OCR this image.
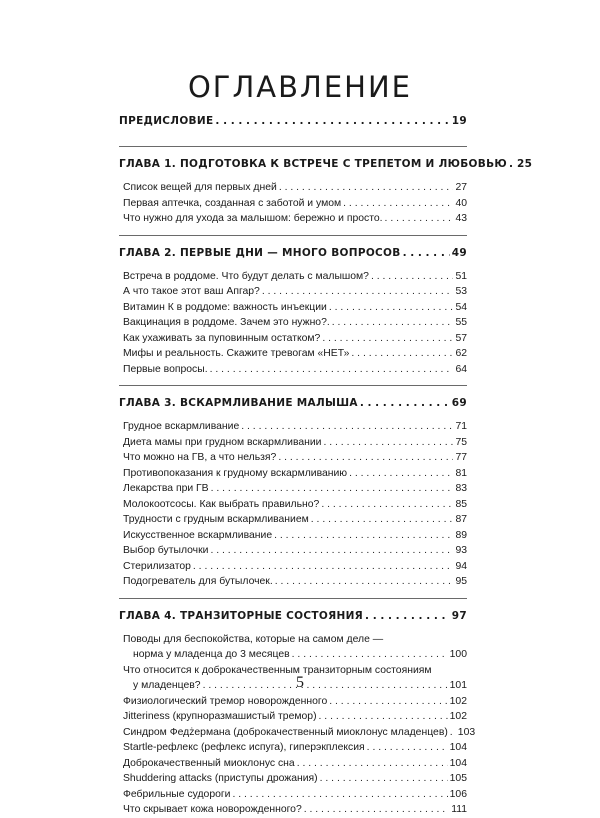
ОГЛАВЛЕНИЕ
ПРЕДИСЛОВИЕ . .	19
ГЛАВА 1. ПОДГОТОВКА К ВСТРЕЧЕ С ТРЕПЕТОМ И ЛЮБОВЬЮ . . 25
Список вещей для первых дней . . .	27
Первая аптечка, созданная с заботой и умом . . .	40
Что нужно для ухода за малышом: бережно и просто. . . .	43
ГЛАВА 2. ПЕРВЫЕ ДНИ — МНОГО ВОПРОСОВ . .	49
Встреча в роддоме. Что будут делать с малышом? . . .	51
А что такое этот ваш Апгар? . . .	53
Витамин К в роддоме: важность инъекции . . .	54
Вакцинация в роддоме. Зачем это нужно?. . . .	55
Как ухаживать за пуповинным остатком? . . .	57
Мифы и реальность. Скажите тревогам «НЕТ» . . .	62
Первые вопросы. . . .	64
ГЛАВА 3. ВСКАРМЛИВАНИЕ МАЛЫША . .	69
Грудное вскармливание . . .	71
Диета мамы при грудном вскармливании . . .	75
Что можно на ГВ, а что нельзя? . . .	77
Противопоказания к грудному вскармливанию . . .	81
Лекарства при ГВ . . .	83
Молокоотсосы. Как выбрать правильно? . . .	85
Трудности с грудным вскармливанием . . .	87
Искусственное вскармливание . . .	89
Выбор бутылочки . . .	93
Стерилизатор . . .	94
Подогреватель для бутылочек. . . .	95
ГЛАВА 4. ТРАНЗИТОРНЫЕ СОСТОЯНИЯ . .	97
Поводы для беспокойства, которые на самом деле —
норма у младенца до 3 месяцев . . .	100
Что относится к доброкачественным транзиторным состояниям
у младенцев? . . .	101
Физиологический тремор новорожденного . . .	102
Jitteriness (крупноразмашистый тремор) . . .	102
Синдром Федżермана (доброкачественный миоклонус младенцев) . . . 103
Startle-рефлекс (рефлекс испуга), гиперэкплексия . . .	104
Доброкачественный миоклонус сна . . .	104
Shuddering attacks (приступы дрожания) . . .	105
Фебрильные судороги . . .	106
Что скрывает кожа новорожденного? . . .	111
5
